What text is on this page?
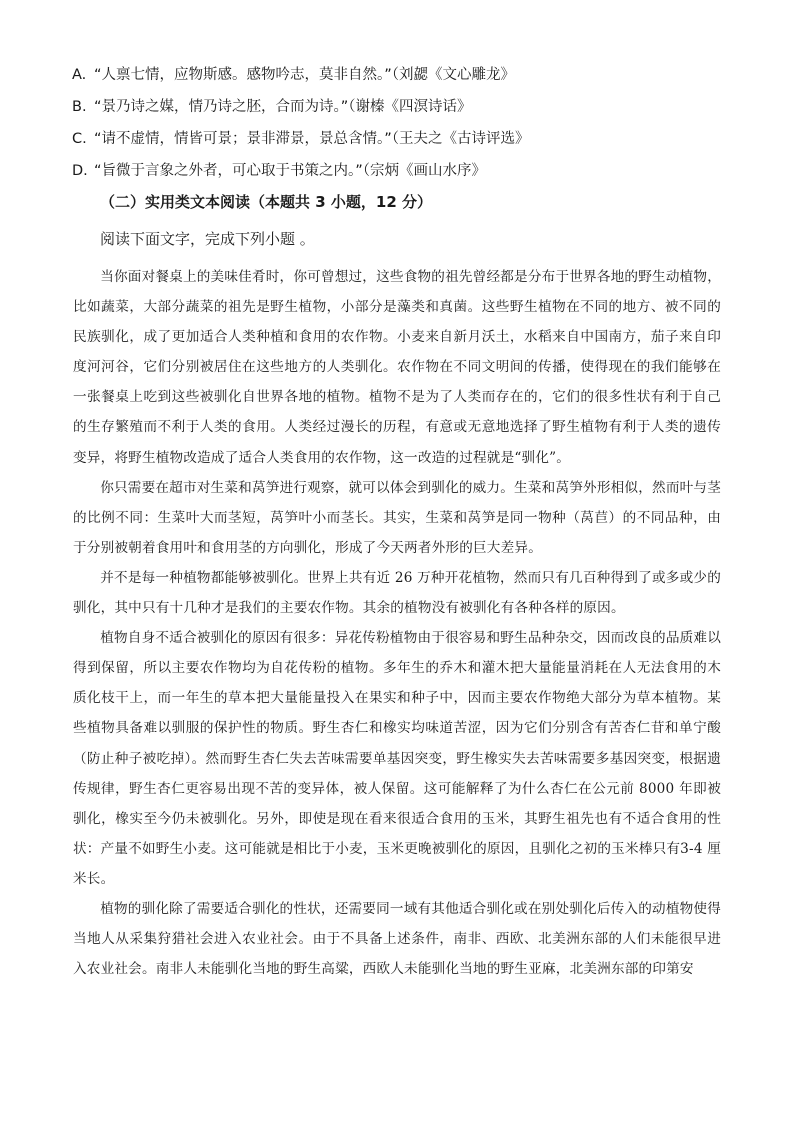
A. “人禀七情，应物斯感。感物吟志，莫非自然。”（刘勰《文心雕龙》
B. “景乃诗之媒，情乃诗之胚，合而为诗。”（谢榛《四溟诗话》
C. “请不虚情，情皆可景；景非滞景，景总含情。”（王夫之《古诗评选》
D. “旨微于言象之外者，可心取于书策之内。”（宗炳《画山水序》
（二）实用类文本阅读（本题共 3 小题，12 分）
阅读下面文字，完成下列小题 。

当你面对餐桌上的美味佳肴时，你可曾想过，这些食物的祖先曾经都是分布于世界各地的野生动植物，比如蔬菜，大部分蔬菜的祖先是野生植物，小部分是藻类和真菌。这些野生植物在不同的地方、被不同的民族驯化，成了更加适合人类种植和食用的农作物。小麦来自新月沃土，水稻来自中国南方，茄子来自印度河河谷，它们分别被居住在这些地方的人类驯化。农作物在不同文明间的传播，使得现在的我们能够在一张餐桌上吃到这些被驯化自世界各地的植物。植物不是为了人类而存在的，它们的很多性状有利于自己的生存繁殖而不利于人类的食用。人类经过漫长的历程，有意或无意地选择了野生植物有利于人类的遗传变异，将野生植物改造成了适合人类食用的农作物，这一改造的过程就是“驯化”。

你只需要在超市对生菜和莴笋进行观察，就可以体会到驯化的威力。生菜和莴笋外形相似，然而叶与茎的比例不同：生菜叶大而茎短，莴笋叶小而茎长。其实，生菜和莴笋是同一物种（莴苣）的不同品种，由于分别被朝着食用叶和食用茎的方向驯化，形成了今天两者外形的巨大差异。

并不是每一种植物都能够被驯化。世界上共有近 26 万种开花植物，然而只有几百种得到了或多或少的驯化，其中只有十几种才是我们的主要农作物。其余的植物没有被驯化有各种各样的原因。

植物自身不适合被驯化的原因有很多：异花传粉植物由于很容易和野生品种杂交，因而改良的品质难以得到保留，所以主要农作物均为自花传粉的植物。多年生的乔木和灌木把大量能量消耗在人无法食用的木质化枝干上，而一年生的草本把大量能量投入在果实和种子中，因而主要农作物绝大部分为草本植物。某些植物具备难以驯服的保护性的物质。野生杏仁和橡实均味道苦涩，因为它们分别含有苦杏仁苷和单宁酸（防止种子被吃掉）。然而野生杏仁失去苦味需要单基因突变，野生橡实失去苦味需要多基因突变，根据遗传规律，野生杏仁更容易出现不苦的变异体，被人保留。这可能解释了为什么杏仁在公元前 8000 年即被驯化，橡实至今仍未被驯化。另外，即使是现在看来很适合食用的玉米，其野生祖先也有不适合食用的性状：产量不如野生小麦。这可能就是相比于小麦，玉米更晚被驯化的原因，且驯化之初的玉米棒只有3-4 厘米长。

植物的驯化除了需要适合驯化的性状，还需要同一域有其他适合驯化或在别处驯化后传入的动植物使得当地人从采集狩猎社会进入农业社会。由于不具备上述条件，南非、西欧、北美洲东部的人们未能很早进入农业社会。南非人未能驯化当地的野生高粱，西欧人未能驯化当地的野生亚麻，北美洲东部的印第安
